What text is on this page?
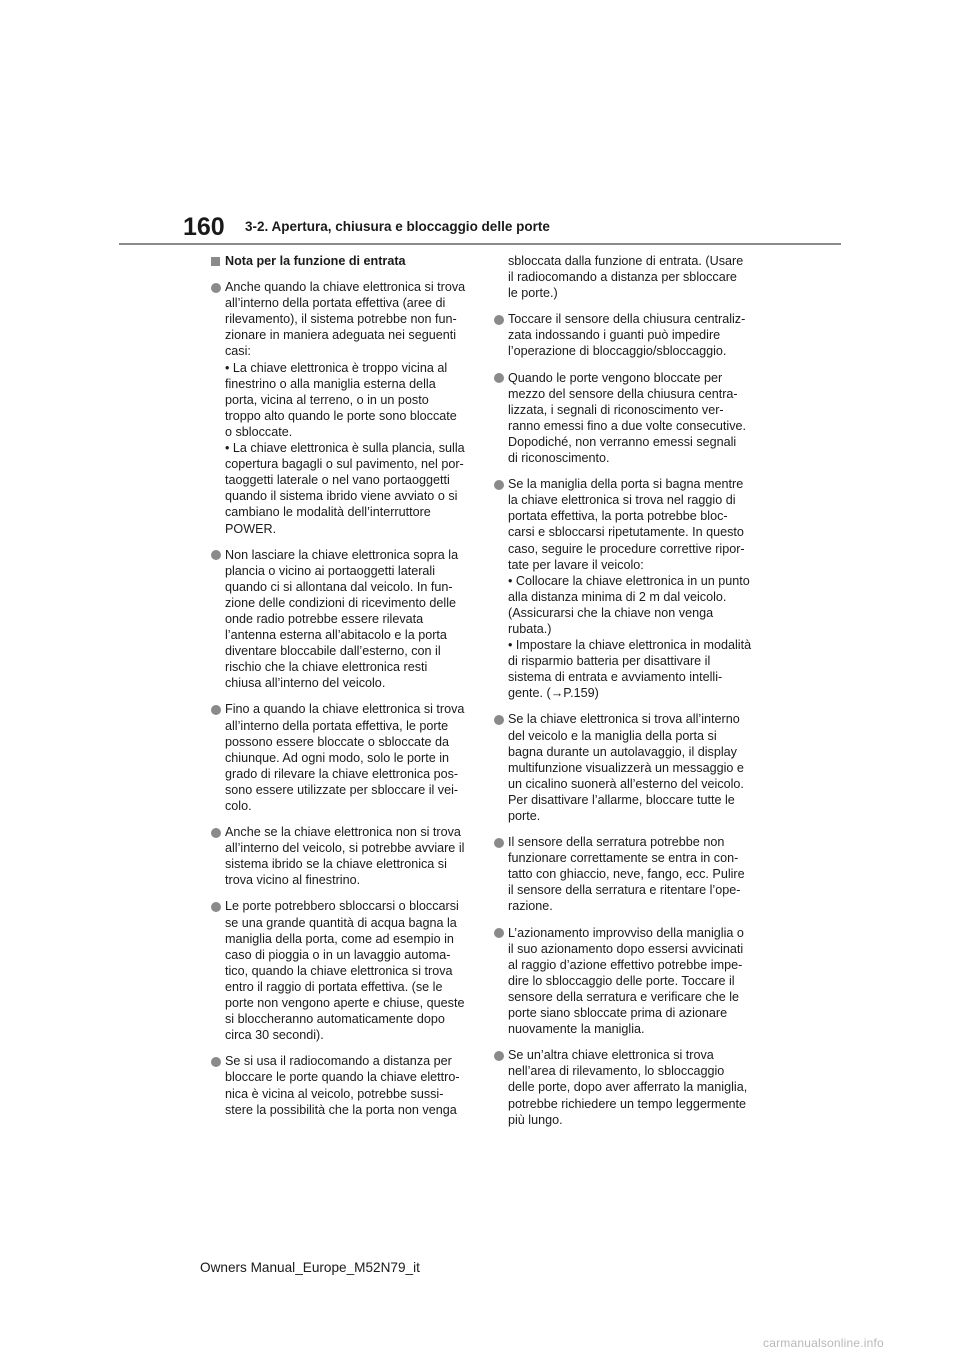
160 3-2. Apertura, chiusura e bloccaggio delle porte
Nota per la funzione di entrata
Anche quando la chiave elettronica si trova
all’interno della portata effettiva (aree di
rilevamento), il sistema potrebbe non fun-
zionare in maniera adeguata nei seguenti
casi:
• La chiave elettronica è troppo vicina al
finestrino o alla maniglia esterna della
porta, vicina al terreno, o in un posto
troppo alto quando le porte sono bloccate
o sbloccate.
• La chiave elettronica è sulla plancia, sulla
copertura bagagli o sul pavimento, nel por-
taoggetti laterale o nel vano portaoggetti
quando il sistema ibrido viene avviato o si
cambiano le modalità dell’interruttore
POWER.
Non lasciare la chiave elettronica sopra la
plancia o vicino ai portaoggetti laterali
quando ci si allontana dal veicolo. In fun-
zione delle condizioni di ricevimento delle
onde radio potrebbe essere rilevata
l’antenna esterna all’abitacolo e la porta
diventare bloccabile dall’esterno, con il
rischio che la chiave elettronica resti
chiusa all’interno del veicolo.
Fino a quando la chiave elettronica si trova
all’interno della portata effettiva, le porte
possono essere bloccate o sbloccate da
chiunque. Ad ogni modo, solo le porte in
grado di rilevare la chiave elettronica pos-
sono essere utilizzate per sbloccare il vei-
colo.
Anche se la chiave elettronica non si trova
all’interno del veicolo, si potrebbe avviare il
sistema ibrido se la chiave elettronica si
trova vicino al finestrino.
Le porte potrebbero sbloccarsi o bloccarsi
se una grande quantità di acqua bagna la
maniglia della porta, come ad esempio in
caso di pioggia o in un lavaggio automa-
tico, quando la chiave elettronica si trova
entro il raggio di portata effettiva. (se le
porte non vengono aperte e chiuse, queste
si bloccheranno automaticamente dopo
circa 30 secondi).
Se si usa il radiocomando a distanza per
bloccare le porte quando la chiave elettro-
nica è vicina al veicolo, potrebbe sussi-
stere la possibilità che la porta non venga
sbloccata dalla funzione di entrata. (Usare
il radiocomando a distanza per sbloccare
le porte.)
Toccare il sensore della chiusura centraliz-
zata indossando i guanti può impedire
l’operazione di bloccaggio/sbloccaggio.
Quando le porte vengono bloccate per
mezzo del sensore della chiusura centra-
lizzata, i segnali di riconoscimento ver-
ranno emessi fino a due volte consecutive.
Dopodiché, non verranno emessi segnali
di riconoscimento.
Se la maniglia della porta si bagna mentre
la chiave elettronica si trova nel raggio di
portata effettiva, la porta potrebbe bloc-
carsi e sbloccarsi ripetutamente. In questo
caso, seguire le procedure correttive ripor-
tate per lavare il veicolo:
• Collocare la chiave elettronica in un punto
alla distanza minima di 2 m dal veicolo.
(Assicurarsi che la chiave non venga
rubata.)
• Impostare la chiave elettronica in modalità
di risparmio batteria per disattivare il
sistema di entrata e avviamento intelli-
gente. (→P.159)
Se la chiave elettronica si trova all’interno
del veicolo e la maniglia della porta si
bagna durante un autolavaggio, il display
multifunzione visualizzerà un messaggio e
un cicalino suonerà all’esterno del veicolo.
Per disattivare l’allarme, bloccare tutte le
porte.
Il sensore della serratura potrebbe non
funzionare correttamente se entra in con-
tatto con ghiaccio, neve, fango, ecc. Pulire
il sensore della serratura e ritentare l’ope-
razione.
L’azionamento improvviso della maniglia o
il suo azionamento dopo essersi avvicinati
al raggio d’azione effettivo potrebbe impe-
dire lo sbloccaggio delle porte. Toccare il
sensore della serratura e verificare che le
porte siano sbloccate prima di azionare
nuovamente la maniglia.
Se un’altra chiave elettronica si trova
nell’area di rilevamento, lo sbloccaggio
delle porte, dopo aver afferrato la maniglia,
potrebbe richiedere un tempo leggermente
più lungo.
Owners Manual_Europe_M52N79_it
carmanualsonline.info
